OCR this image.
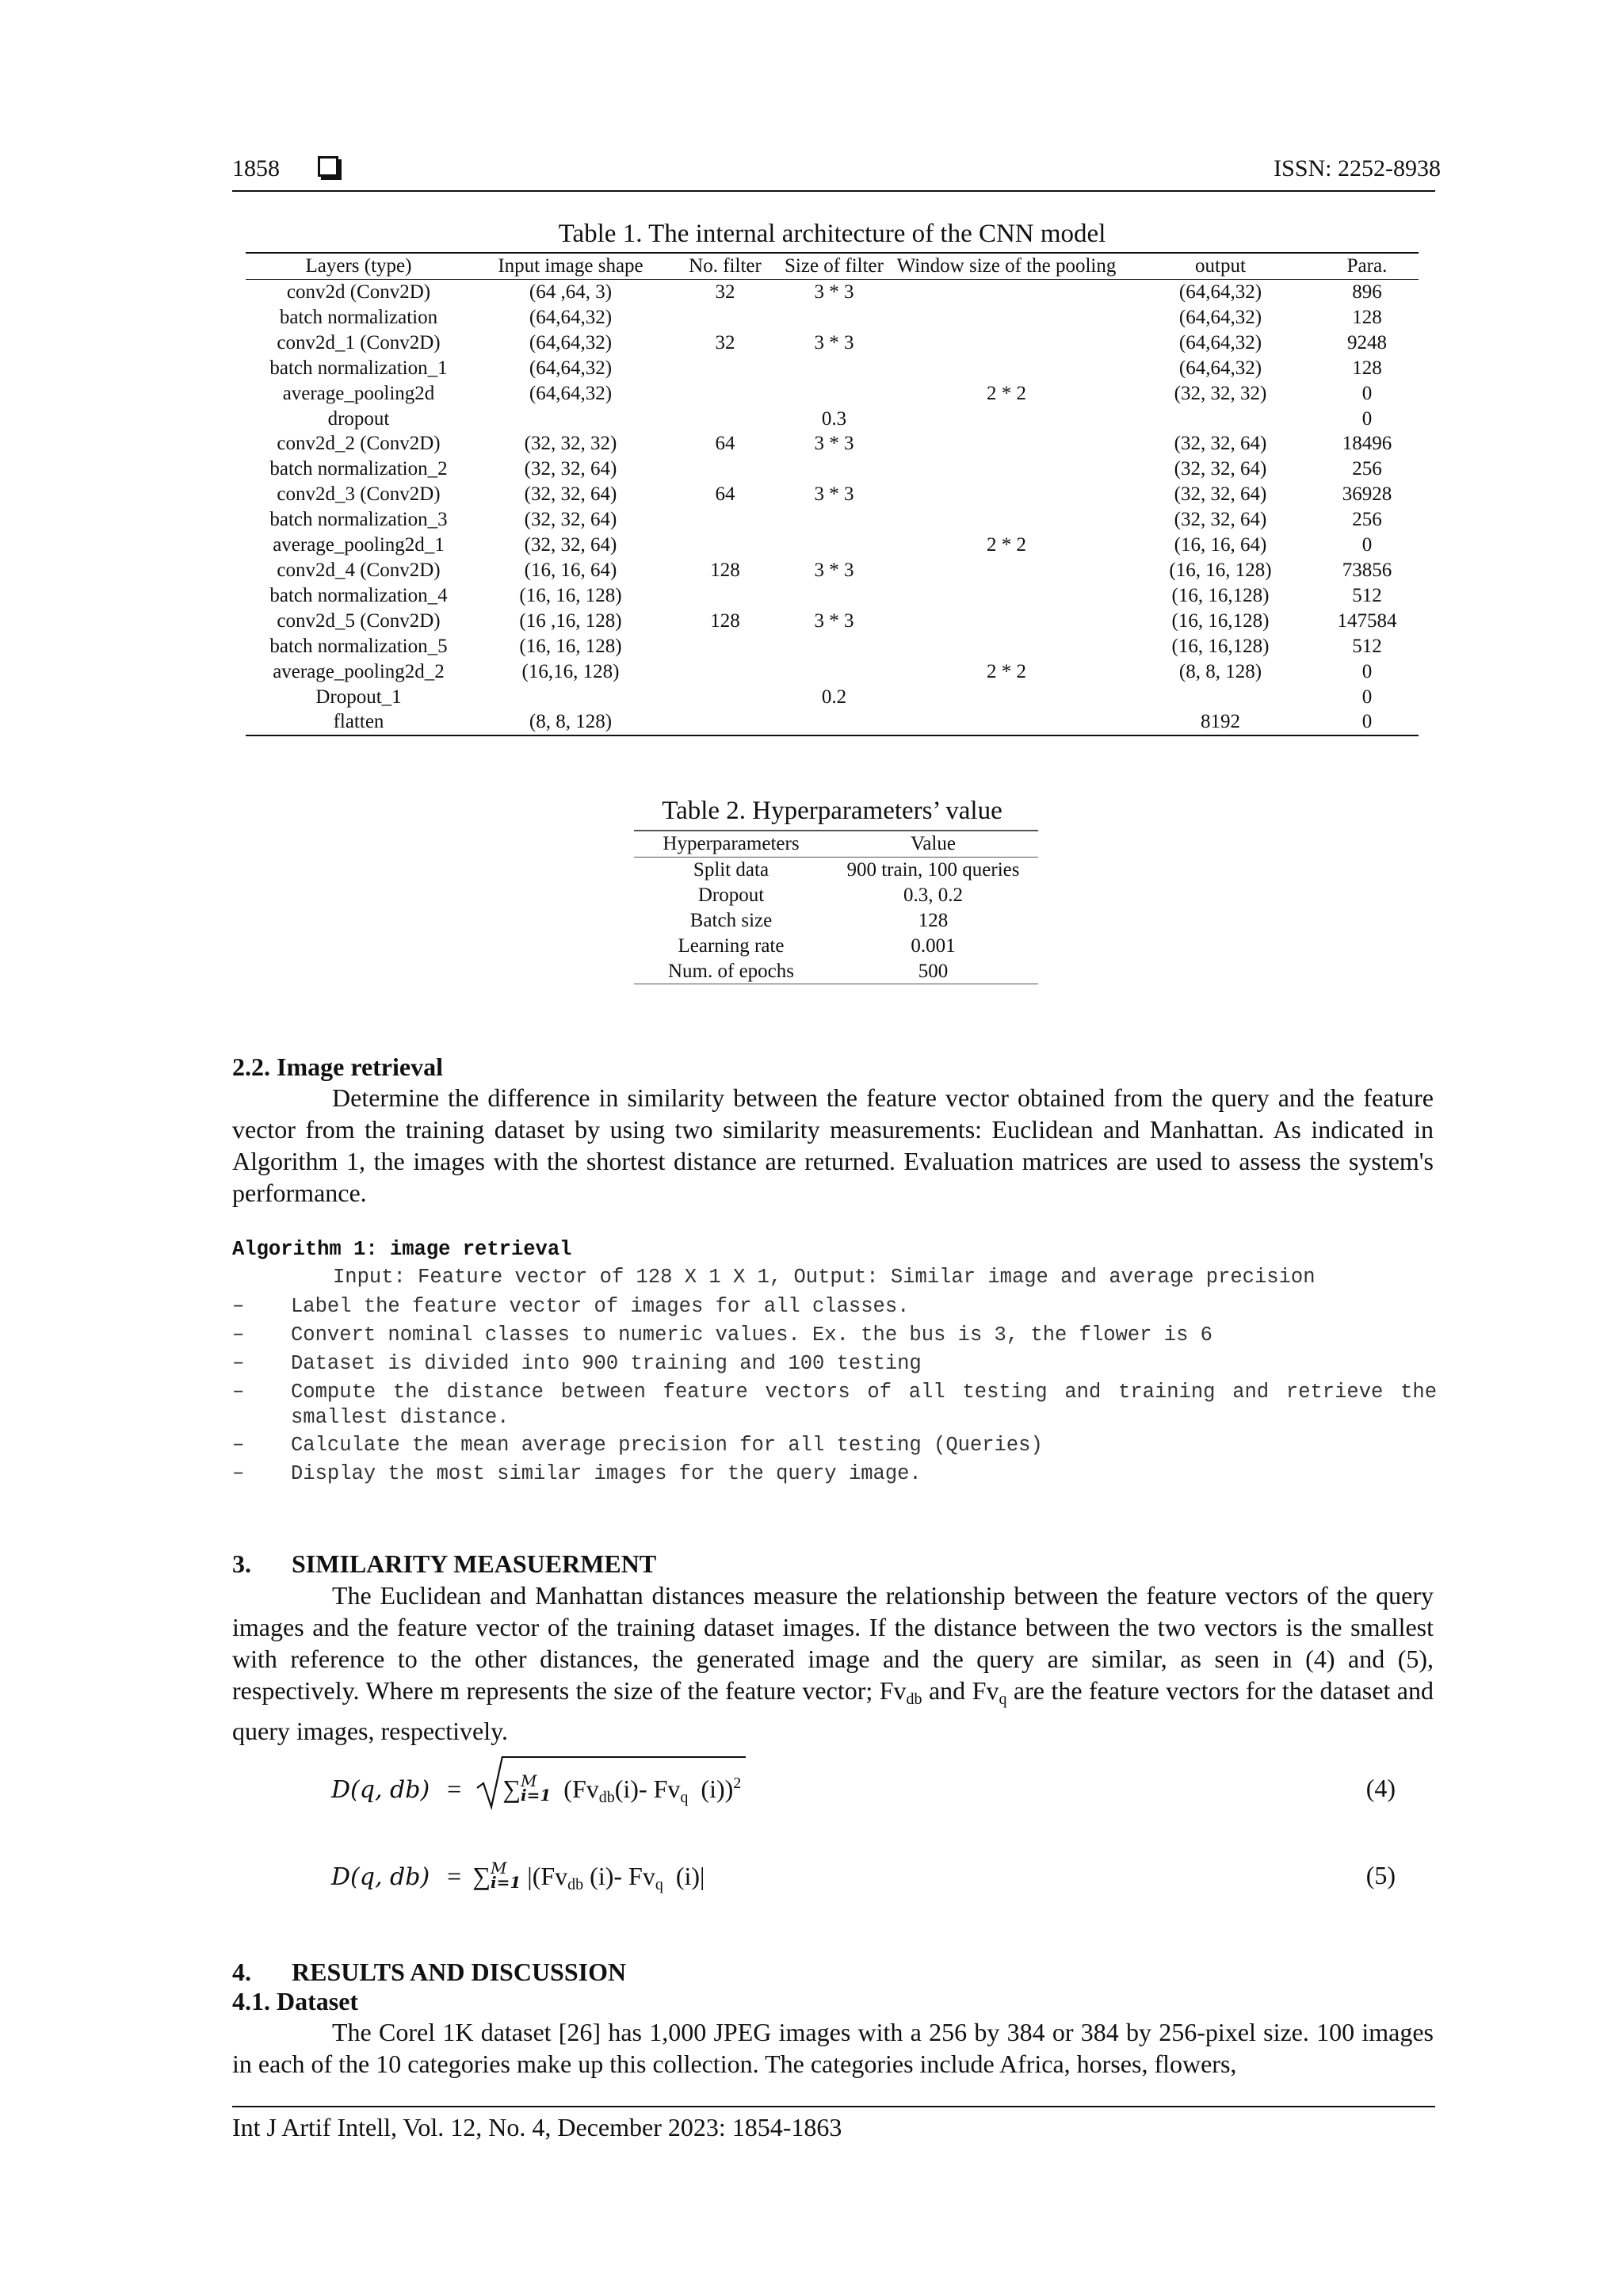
1858	ISSN: 2252-8938
Table 1. The internal architecture of the CNN model
Layers (type)	Input image shape	No. filter	Size of filter	Window size of the pooling	output	Para.
conv2d (Conv2D)	(64 ,64, 3)	32	3 * 3		(64,64,32)	896
batch normalization	(64,64,32)				(64,64,32)	128
conv2d_1 (Conv2D)	(64,64,32)	32	3 * 3		(64,64,32)	9248
batch normalization_1	(64,64,32)				(64,64,32)	128
average_pooling2d	(64,64,32)			2 * 2	(32, 32, 32)	0
dropout			0.3			0
conv2d_2 (Conv2D)	(32, 32, 32)	64	3 * 3		(32, 32, 64)	18496
batch normalization_2	(32, 32, 64)				(32, 32, 64)	256
conv2d_3 (Conv2D)	(32, 32, 64)	64	3 * 3		(32, 32, 64)	36928
batch normalization_3	(32, 32, 64)				(32, 32, 64)	256
average_pooling2d_1	(32, 32, 64)			2 * 2	(16, 16, 64)	0
conv2d_4 (Conv2D)	(16, 16, 64)	128	3 * 3		(16, 16, 128)	73856
batch normalization_4	(16, 16, 128)				(16, 16,128)	512
conv2d_5 (Conv2D)	(16 ,16, 128)	128	3 * 3		(16, 16,128)	147584
batch normalization_5	(16, 16, 128)				(16, 16,128)	512
average_pooling2d_2	(16,16, 128)			2 * 2	(8, 8, 128)	0
Dropout_1			0.2			0
flatten	(8, 8, 128)				8192	0
Table 2. Hyperparameters’ value
Hyperparameters	Value
Split data	900 train, 100 queries
Dropout	0.3, 0.2
Batch size	128
Learning rate	0.001
Num. of epochs	500
2.2. Image retrieval
Determine the difference in similarity between the feature vector obtained from the query and the feature vector from the training dataset by using two similarity measurements: Euclidean and Manhattan. As indicated in Algorithm 1, the images with the shortest distance are returned. Evaluation matrices are used to assess the system's performance.
Algorithm 1: image retrieval
Input: Feature vector of 128 X 1 X 1, Output: Similar image and average precision
– Label the feature vector of images for all classes.
– Convert nominal classes to numeric values. Ex. the bus is 3, the flower is 6
– Dataset is divided into 900 training and 100 testing
– Compute the distance between feature vectors of all testing and training and retrieve the smallest distance.
– Calculate the mean average precision for all testing (Queries)
– Display the most similar images for the query image.
3. SIMILARITY MEASUERMENT
The Euclidean and Manhattan distances measure the relationship between the feature vectors of the query images and the feature vector of the training dataset images. If the distance between the two vectors is the smallest with reference to the other distances, the generated image and the query are similar, as seen in (4) and (5), respectively. Where m represents the size of the feature vector; $Fv_{db}$ and $Fv_q$ are the feature vectors for the dataset and query images, respectively.
D(q, db) = ∑ M
i=1 ($Fv_{db}(i)-$ $Fv_q$ (i))$^2$	(4)
D(q, db) = ∑ M
i=1 $|(Fv_{db}$ (i)- $Fv_q$ (i)|	(5)
4. RESULTS AND DISCUSSION
4.1. Dataset
The Corel 1K dataset [26] has 1,000 JPEG images with a 256 by 384 or 384 by 256-pixel size. 100 images in each of the 10 categories make up this collection. The categories include Africa, horses, flowers,
Int J Artif Intell, Vol. 12, No. 4, December 2023: 1854-1863
